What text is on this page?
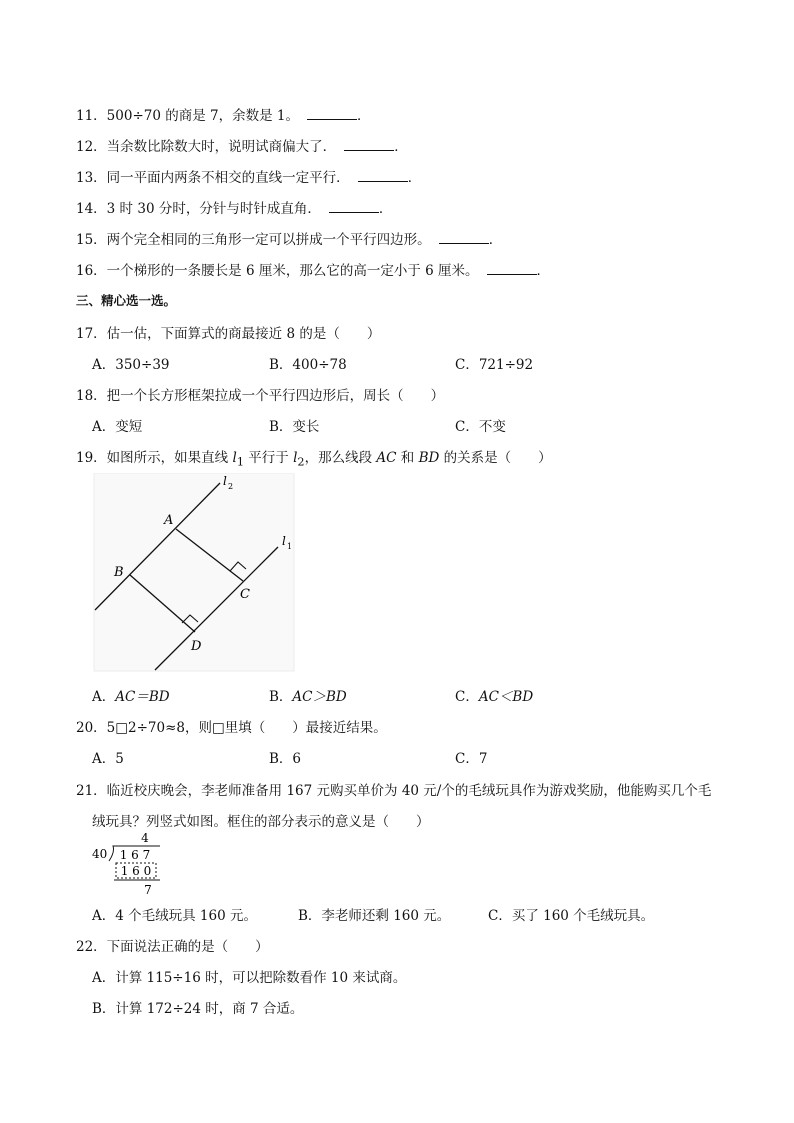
11．500÷70 的商是 7，余数是 1。	．
12．当余数比除数大时，说明试商偏大了．	．
13．同一平面内两条不相交的直线一定平行．	．
14．3 时 30 分时，分针与时针成直角．	．
15．两个完全相同的三角形一定可以拼成一个平行四边形。	．
16．一个梯形的一条腰长是 6 厘米，那么它的高一定小于 6 厘米。	．
三、精心选一选。
17．估一估，下面算式的商最接近 8 的是（　　）
A．350÷39	B．400÷78	C．721÷92
18．把一个长方形框架拉成一个平行四边形后，周长（　　）
A．变短	B．变长	C．不变
19．如图所示，如果直线 $l_1$ 平行于 $l_2$，那么线段 AC 和 BD 的关系是（　　）
A
B
C
D
l 2
l 1
A．AC＝BD	B．AC＞BD	C．AC＜BD
20．5□2÷70≈8，则□里填（　　）最接近结果。
A．5	B．6	C．7
21．临近校庆晚会，李老师准备用 167 元购买单价为 40 元/个的毛绒玩具作为游戏奖励，他能购买几个毛
绒玩具？列竖式如图。框住的部分表示的意义是（　　）
4
40 1 6 7
1 6 0
7
A．4 个毛绒玩具 160 元。	B．李老师还剩 160 元。	C．买了 160 个毛绒玩具。
22．下面说法正确的是（　　）
A．计算 115÷16 时，可以把除数看作 10 来试商。
B．计算 172÷24 时，商 7 合适。
